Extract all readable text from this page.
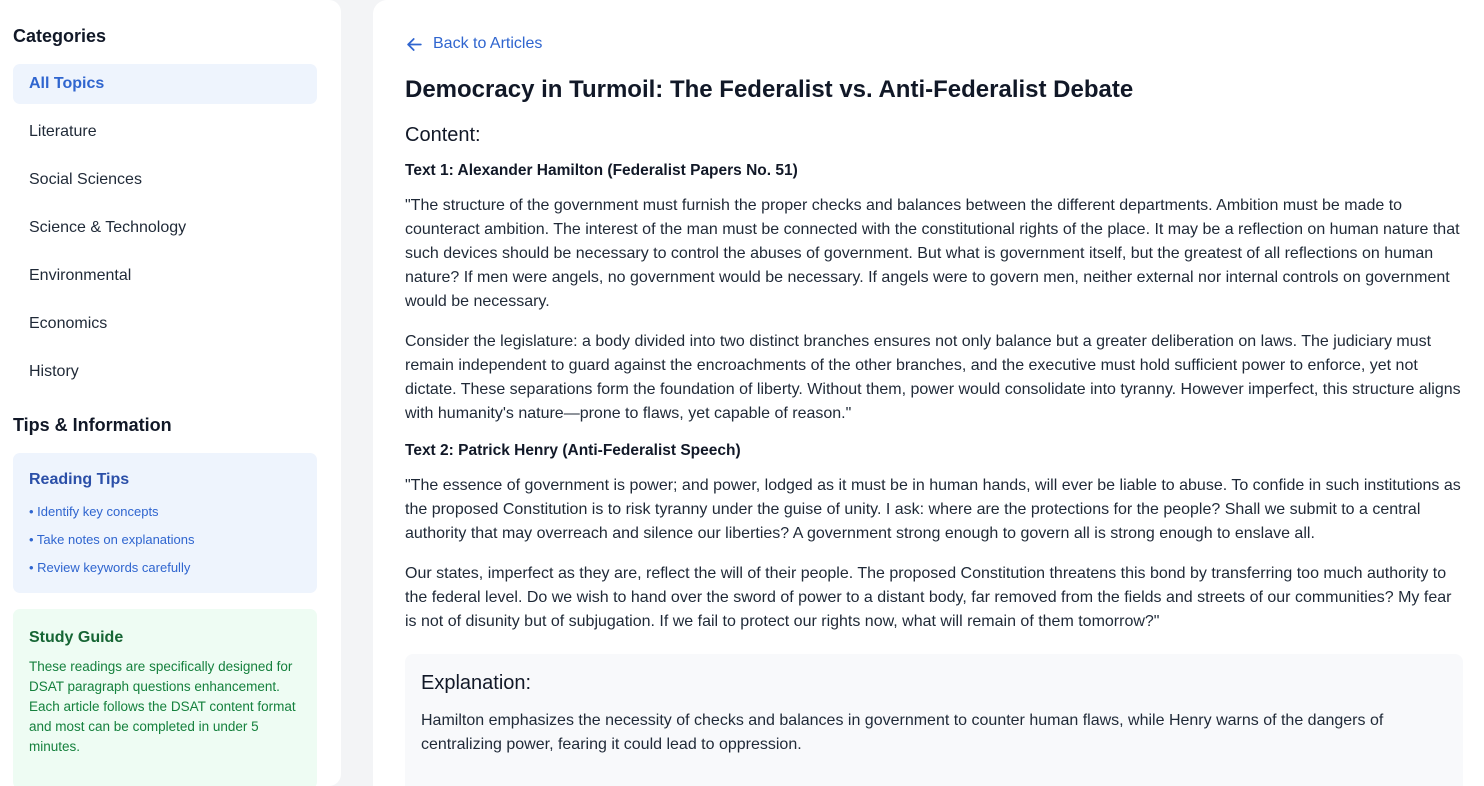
Categories
All Topics
Literature
Social Sciences
Science & Technology
Environmental
Economics
History
Tips & Information
Reading Tips
• Identify key concepts
• Take notes on explanations
• Review keywords carefully
Study Guide

These readings are specifically designed for DSAT paragraph questions enhancement. Each article follows the DSAT content format and most can be completed in under 5 minutes.

Back to Articles
Democracy in Turmoil: The Federalist vs. Anti-Federalist Debate
Content:
Text 1: Alexander Hamilton (Federalist Papers No. 51)

"The structure of the government must furnish the proper checks and balances between the different departments. Ambition must be made to counteract ambition. The interest of the man must be connected with the constitutional rights of the place. It may be a reflection on human nature that such devices should be necessary to control the abuses of government. But what is government itself, but the greatest of all reflections on human nature? If men were angels, no government would be necessary. If angels were to govern men, neither external nor internal controls on government would be necessary.

Consider the legislature: a body divided into two distinct branches ensures not only balance but a greater deliberation on laws. The judiciary must remain independent to guard against the encroachments of the other branches, and the executive must hold sufficient power to enforce, yet not dictate. These separations form the foundation of liberty. Without them, power would consolidate into tyranny. However imperfect, this structure aligns with humanity's nature—prone to flaws, yet capable of reason."

Text 2: Patrick Henry (Anti-Federalist Speech)

"The essence of government is power; and power, lodged as it must be in human hands, will ever be liable to abuse. To confide in such institutions as the proposed Constitution is to risk tyranny under the guise of unity. I ask: where are the protections for the people? Shall we submit to a central authority that may overreach and silence our liberties? A government strong enough to govern all is strong enough to enslave all.

Our states, imperfect as they are, reflect the will of their people. The proposed Constitution threatens this bond by transferring too much authority to the federal level. Do we wish to hand over the sword of power to a distant body, far removed from the fields and streets of our communities? My fear is not of disunity but of subjugation. If we fail to protect our rights now, what will remain of them tomorrow?"

Explanation:

Hamilton emphasizes the necessity of checks and balances in government to counter human flaws, while Henry warns of the dangers of centralizing power, fearing it could lead to oppression.
